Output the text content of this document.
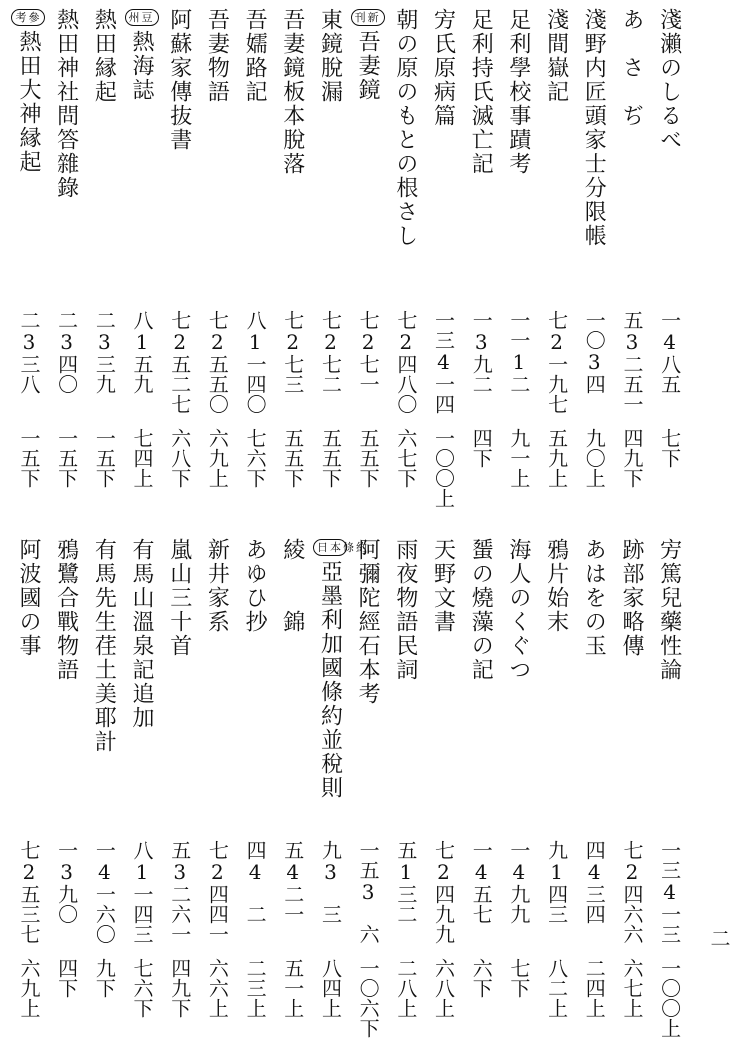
淺瀨のしるべ
一4八五
七下
あ　さ　ぢ
五3二五一
四九下
淺野内匠頭家士分限帳
一〇3四
九〇上
淺間嶽記
七2一九七
五九上
足利學校事蹟考
一一1二
九一上
足利持氏滅亡記
一3九二
四下
㝑氏原病篇
一三4一四
一〇〇上
朝の原のもとの根さし
七2四八〇
六七下
刊新
吾妻鏡
七2七一
五五下
東鏡脫漏
七2七二
五五下
吾妻鏡板本脫落
七2七三
五五下
吾嬬路記
八1一四〇
七六下
吾妻物語
七2五五〇
六九上
阿蘇家傳抜書
七2五二七
六八下
州豆
熱海誌
八1五九
七四上
熱田縁起
二3三九
一五下
熱田神社問答雜錄
二3四〇
一五下
考參
熱田大神縁起
二3三八
一五下
㝑篤兒藥性論
一三4一三
一〇〇上
跡部家略傳
七2四六六
六七上
あはをの玉
四4三四
二四上
鴉片始末
九1四三
八二上
海人のくぐつ
一4九九
七下
蜑の燒藻の記
一4五七
六下
天野文書
七2四九九
六八上
雨夜物語民詞
五1三二
二八上
阿彌陀經石本考
一五3　六
一〇六下
日本條約
亞墨利加國條約並稅則
九3　三
八四上
綾　　錦
五4二一
五一上
あゆひ抄
四4　二
二三上
新井家系
七2四四一
六六上
嵐山三十首
五3二六一
四九下
有馬山溫泉記追加
八1一四三
七六下
有馬先生荏土美耶計
一4一六〇
九下
鴉鷺合戰物語
一3九〇
四下
阿波國の事
七2五三七
六九上
二
